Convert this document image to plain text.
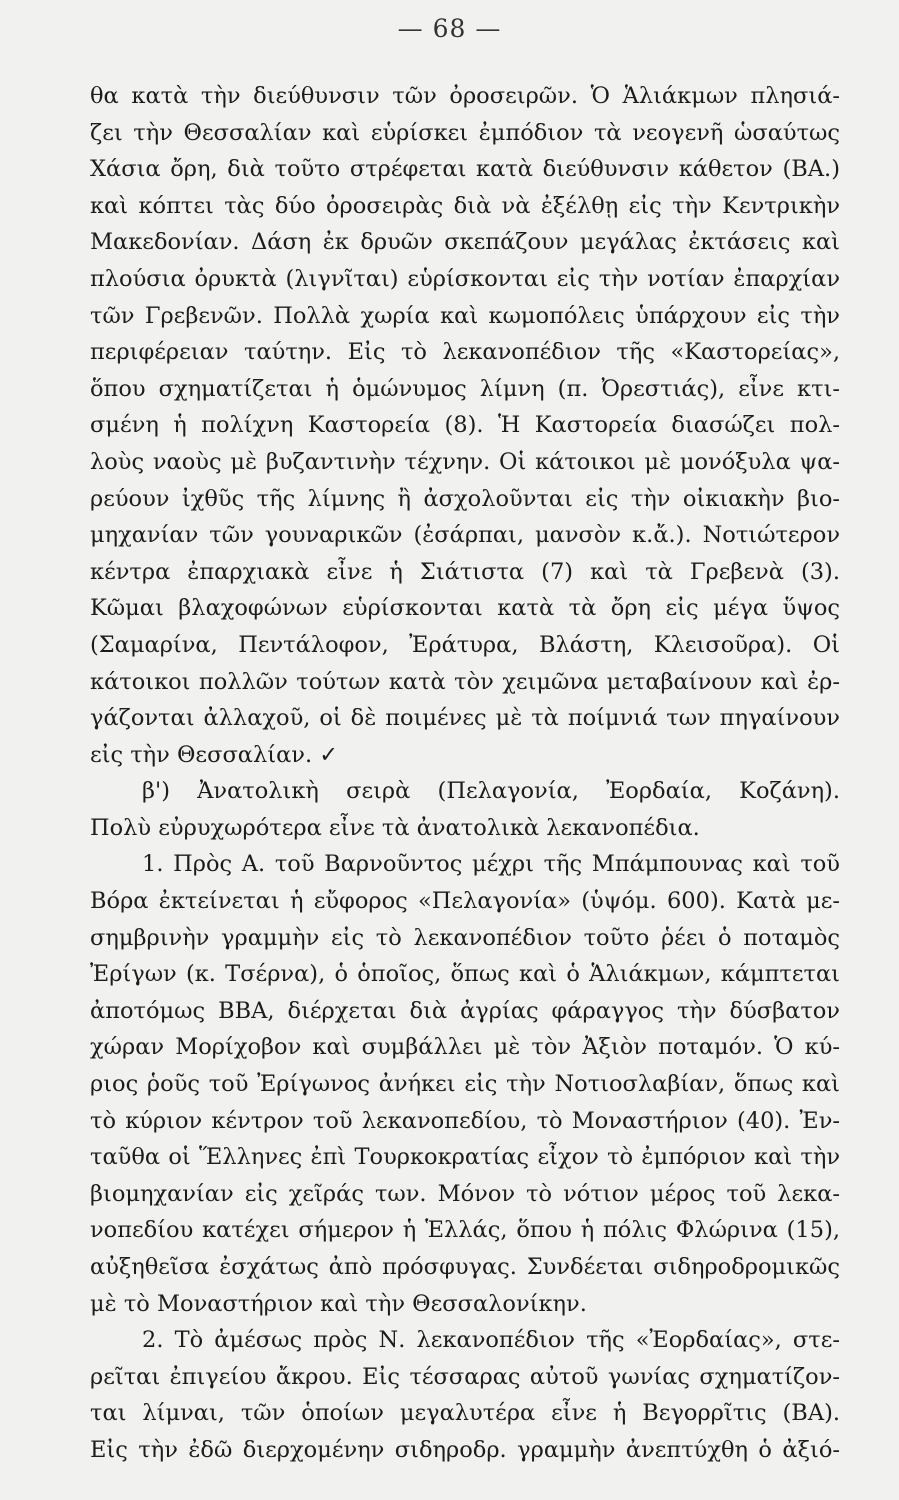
— 68 —
θα κατὰ τὴν διεύθυνσιν τῶν ὀροσειρῶν. Ὁ Ἁλιάκμων πλησιά-
ζει τὴν Θεσσαλίαν καὶ εὑρίσκει ἐμπόδιον τὰ νεογενῆ ὡσαύτως
Χάσια ὄρη, διὰ τοῦτο στρέφεται κατὰ διεύθυνσιν κάθετον (ΒΑ.)
καὶ κόπτει τὰς δύο ὀροσειρὰς διὰ νὰ ἐξέλθῃ εἰς τὴν Κεντρικὴν
Μακεδονίαν. Δάση ἐκ δρυῶν σκεπάζουν μεγάλας ἐκτάσεις καὶ
πλούσια ὀρυκτὰ (λιγνῖται) εὑρίσκονται εἰς τὴν νοτίαν ἐπαρχίαν
τῶν Γρεβενῶν. Πολλὰ χωρία καὶ κωμοπόλεις ὑπάρχουν εἰς τὴν
περιφέρειαν ταύτην. Εἰς τὸ λεκανοπέδιον τῆς «Καστορείας»,
ὅπου σχηματίζεται ἡ ὁμώνυμος λίμνη (π. Ὀρεστιάς), εἶνε κτι-
σμένη ἡ πολίχνη Καστορεία (8). Ἡ Καστορεία διασώζει πολ-
λοὺς ναοὺς μὲ βυζαντινὴν τέχνην. Οἱ κάτοικοι μὲ μονόξυλα ψα-
ρεύουν ἰχθῦς τῆς λίμνης ἢ ἀσχολοῦνται εἰς τὴν οἰκιακὴν βιο-
μηχανίαν τῶν γουναρικῶν (ἐσάρπαι, μανσὸν κ.ἄ.). Νοτιώτερον
κέντρα ἐπαρχιακὰ εἶνε ἡ Σιάτιστα (7) καὶ τὰ Γρεβενὰ (3).
Κῶμαι βλαχοφώνων εὑρίσκονται κατὰ τὰ ὄρη εἰς μέγα ὕψος
(Σαμαρίνα, Πεντάλοφον, Ἐράτυρα, Βλάστη, Κλεισοῦρα). Οἱ
κάτοικοι πολλῶν τούτων κατὰ τὸν χειμῶνα μεταβαίνουν καὶ ἐρ-
γάζονται ἀλλαχοῦ, οἱ δὲ ποιμένες μὲ τὰ ποίμνιά των πηγαίνουν
εἰς τὴν Θεσσαλίαν. ✓
β') Ἀνατολικὴ σειρὰ (Πελαγονία, Ἐορδαία, Κοζάνη).
Πολὺ εὐρυχωρότερα εἶνε τὰ ἀνατολικὰ λεκανοπέδια.
1. Πρὸς Α. τοῦ Βαρνοῦντος μέχρι τῆς Μπάμπουνας καὶ τοῦ
Βόρα ἐκτείνεται ἡ εὔφορος «Πελαγονία» (ὑψόμ. 600). Κατὰ με-
σημβρινὴν γραμμὴν εἰς τὸ λεκανοπέδιον τοῦτο ῥέει ὁ ποταμὸς
Ἐρίγων (κ. Τσέρνα), ὁ ὁποῖος, ὅπως καὶ ὁ Ἁλιάκμων, κάμπτεται
ἀποτόμως ΒΒΑ, διέρχεται διὰ ἀγρίας φάραγγος τὴν δύσβατον
χώραν Μορίχοβον καὶ συμβάλλει μὲ τὸν Ἀξιὸν ποταμόν. Ὁ κύ-
ριος ῥοῦς τοῦ Ἐρίγωνος ἀνήκει εἰς τὴν Νοτιοσλαβίαν, ὅπως καὶ
τὸ κύριον κέντρον τοῦ λεκανοπεδίου, τὸ Μοναστήριον (40). Ἐν-
ταῦθα οἱ Ἕλληνες ἐπὶ Τουρκοκρατίας εἶχον τὸ ἐμπόριον καὶ τὴν
βιομηχανίαν εἰς χεῖράς των. Μόνον τὸ νότιον μέρος τοῦ λεκα-
νοπεδίου κατέχει σήμερον ἡ Ἑλλάς, ὅπου ἡ πόλις Φλώρινα (15),
αὐξηθεῖσα ἐσχάτως ἀπὸ πρόσφυγας. Συνδέεται σιδηροδρομικῶς
μὲ τὸ Μοναστήριον καὶ τὴν Θεσσαλονίκην.
2. Τὸ ἀμέσως πρὸς Ν. λεκανοπέδιον τῆς «Ἐορδαίας», στε-
ρεῖται ἐπιγείου ἄκρου. Εἰς τέσσαρας αὐτοῦ γωνίας σχηματίζον-
ται λίμναι, τῶν ὁποίων μεγαλυτέρα εἶνε ἡ Βεγορρῖτις (ΒΑ).
Εἰς τὴν ἐδῶ διερχομένην σιδηροδρ. γραμμὴν ἀνεπτύχθη ὁ ἀξιό-
